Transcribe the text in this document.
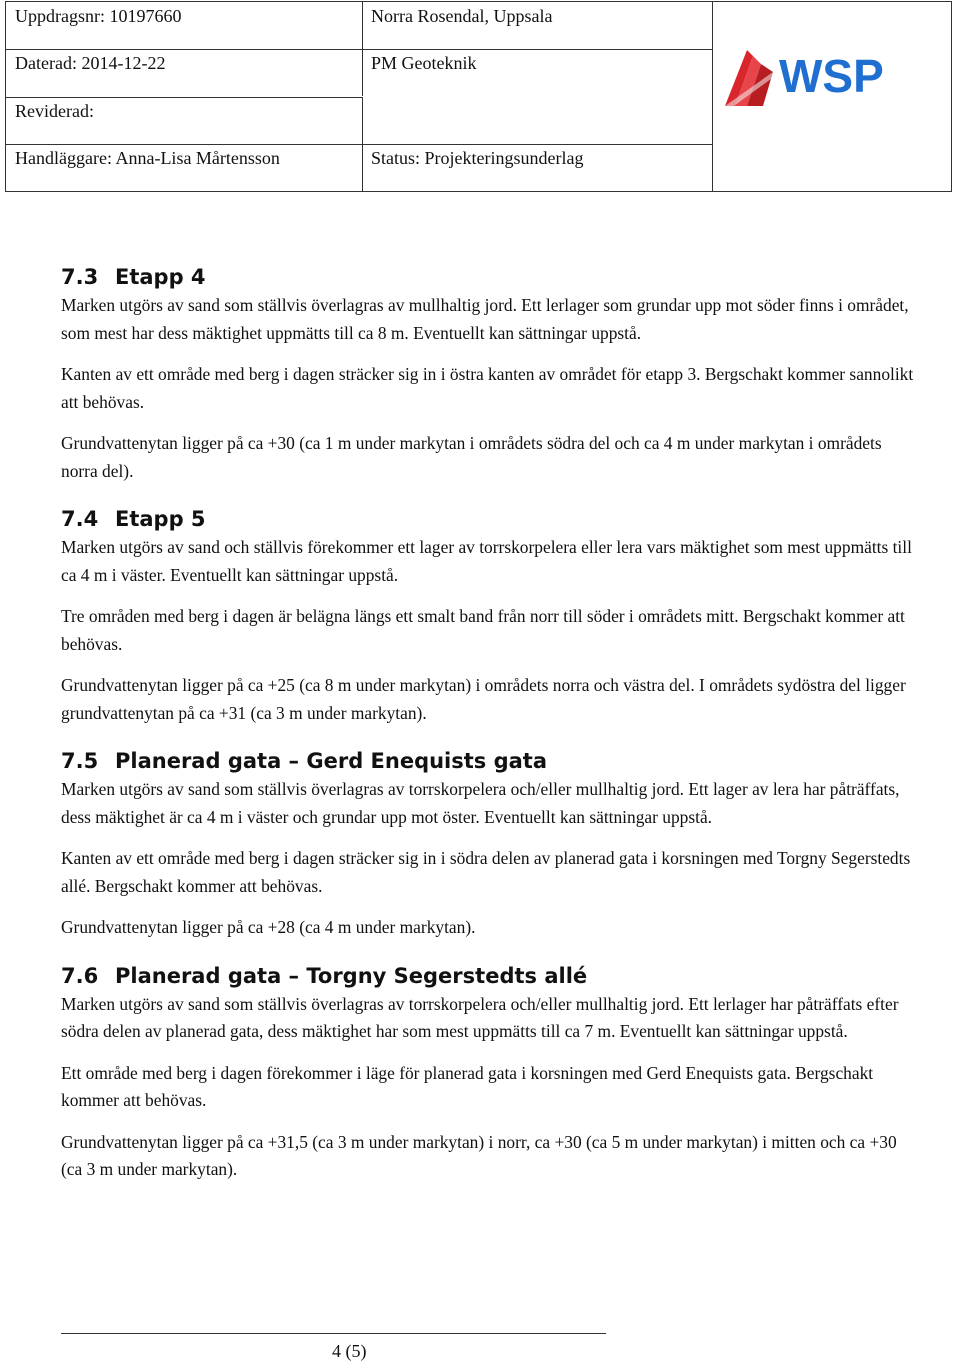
Uppdragsnr: 10197660	Norra Rosendal, Uppsala
Daterad: 2014-12-22	PM Geoteknik
Reviderad:
Handläggare: Anna-Lisa Mårtensson	Status: Projekteringsunderlag
WSP
7.3 Etapp 4

Marken utgörs av sand som ställvis överlagras av mullhaltig jord. Ett lerlager som grundar upp mot söder finns i området, som mest har dess mäktighet uppmätts till ca 8 m. Eventuellt kan sättningar uppstå.

Kanten av ett område med berg i dagen sträcker sig in i östra kanten av området för etapp 3. Bergschakt kommer sannolikt att behövas.

Grundvattenytan ligger på ca +30 (ca 1 m under markytan i områdets södra del och ca 4 m under markytan i områdets norra del).

7.4 Etapp 5

Marken utgörs av sand och ställvis förekommer ett lager av torrskorpelera eller lera vars mäktighet som mest uppmätts till ca 4 m i väster. Eventuellt kan sättningar uppstå.

Tre områden med berg i dagen är belägna längs ett smalt band från norr till söder i områdets mitt. Bergschakt kommer att behövas.

Grundvattenytan ligger på ca +25 (ca 8 m under markytan) i områdets norra och västra del. I områdets sydöstra del ligger grundvattenytan på ca +31 (ca 3 m under markytan).

7.5 Planerad gata – Gerd Enequists gata

Marken utgörs av sand som ställvis överlagras av torrskorpelera och/eller mullhaltig jord. Ett lager av lera har påträffats, dess mäktighet är ca 4 m i väster och grundar upp mot öster. Eventuellt kan sättningar uppstå.

Kanten av ett område med berg i dagen sträcker sig in i södra delen av planerad gata i korsningen med Torgny Segerstedts allé. Bergschakt kommer att behövas.

Grundvattenytan ligger på ca +28 (ca 4 m under markytan).

7.6 Planerad gata – Torgny Segerstedts allé

Marken utgörs av sand som ställvis överlagras av torrskorpelera och/eller mullhaltig jord. Ett lerlager har påträffats efter södra delen av planerad gata, dess mäktighet har som mest uppmätts till ca 7 m. Eventuellt kan sättningar uppstå.

Ett område med berg i dagen förekommer i läge för planerad gata i korsningen med Gerd Enequists gata. Bergschakt kommer att behövas.

Grundvattenytan ligger på ca +31,5 (ca 3 m under markytan) i norr, ca +30 (ca 5 m under markytan) i mitten och ca +30 (ca 3 m under markytan).

4 (5)
